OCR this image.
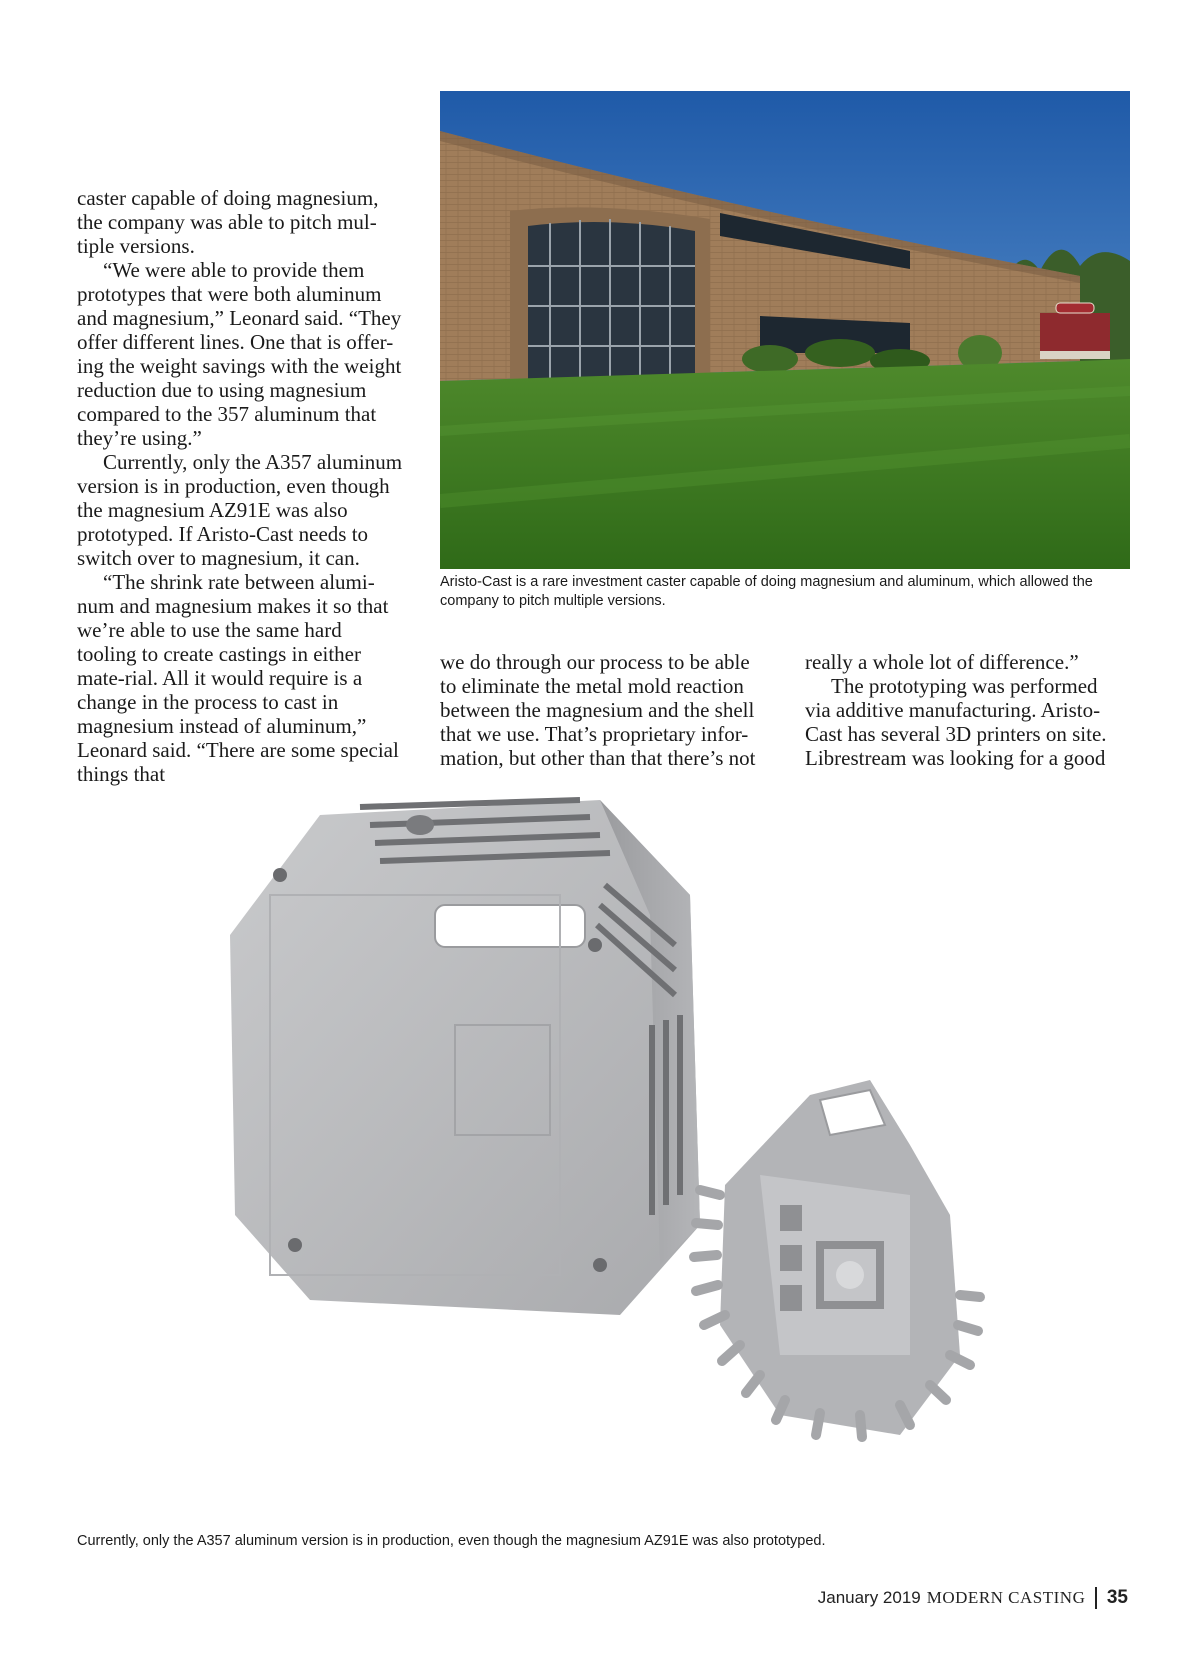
caster capable of doing magnesium, the company was able to pitch mul-tiple versions.

“We were able to provide them prototypes that were both aluminum and magnesium,” Leonard said. “They offer different lines. One that is offer-ing the weight savings with the weight reduction due to using magnesium compared to the 357 aluminum that they’re using.”

Currently, only the A357 aluminum version is in production, even though the magnesium AZ91E was also prototyped. If Aristo-Cast needs to switch over to magnesium, it can.

“The shrink rate between alumi-num and magnesium makes it so that we’re able to use the same hard tooling to create castings in either mate-rial. All it would require is a change in the process to cast in magnesium instead of aluminum,” Leonard said. “There are some special things that

Aristo-Cast is a rare investment caster capable of doing magnesium and aluminum, which allowed the company to pitch multiple versions.

we do through our process to be able to eliminate the metal mold reaction between the magnesium and the shell that we use. That’s proprietary infor-mation, but other than that there’s not

really a whole lot of difference.”

The prototyping was performed via additive manufacturing. Aristo-Cast has several 3D printers on site. Librestream was looking for a good

Currently, only the A357 aluminum version is in production, even though the magnesium AZ91E was also prototyped.

January 2019 MODERN CASTING 35
